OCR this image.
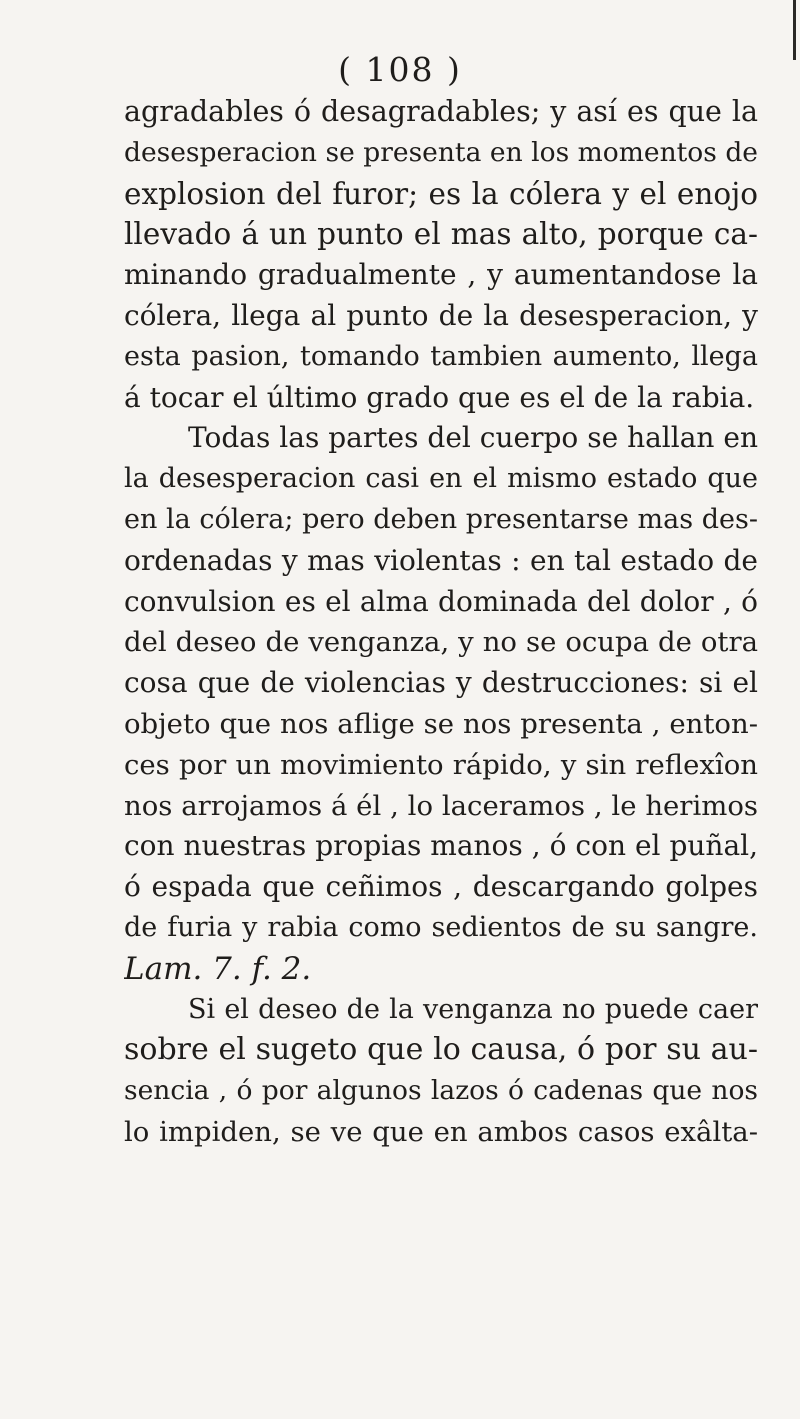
( 108 )
agradables ó desagradables; y así es que la
desesperacion se presenta en los momentos de
explosion del furor; es la cólera y el enojo
llevado á un punto el mas alto, porque ca-
minando gradualmente , y aumentandose la
cólera, llega al punto de la desesperacion, y
esta pasion, tomando tambien aumento, llega
á tocar el último grado que es el de la rabia.
Todas las partes del cuerpo se hallan en
la desesperacion casi en el mismo estado que
en la cólera; pero deben presentarse mas des-
ordenadas y mas violentas : en tal estado de
convulsion es el alma dominada del dolor , ó
del deseo de venganza, y no se ocupa de otra
cosa que de violencias y destrucciones: si el
objeto que nos aflige se nos presenta , enton-
ces por un movimiento rápido, y sin reflexîon
nos arrojamos á él , lo laceramos , le herimos
con nuestras propias manos , ó con el puñal,
ó espada que ceñimos , descargando golpes
de furia y rabia como sedientos de su sangre.
Lam. 7. f. 2.
Si el deseo de la venganza no puede caer
sobre el sugeto que lo causa, ó por su au-
sencia , ó por algunos lazos ó cadenas que nos
lo impiden, se ve que en ambos casos exâlta-
